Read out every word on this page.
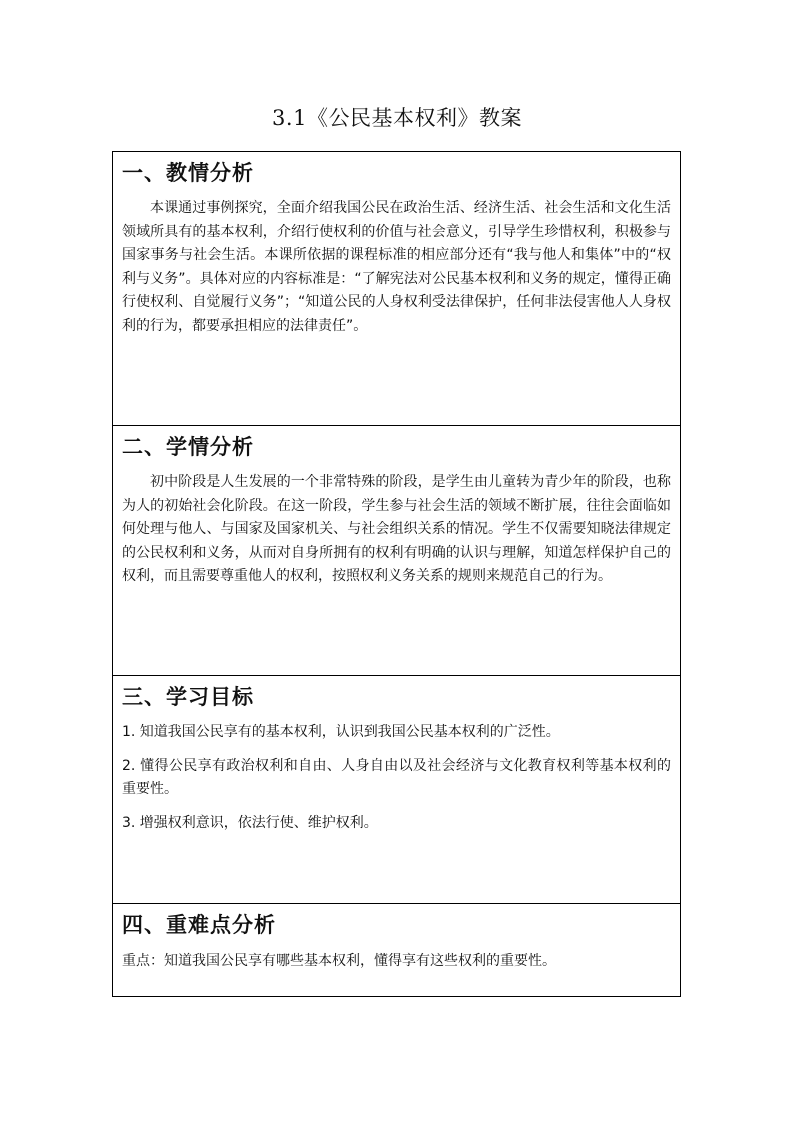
3.1《公民基本权利》教案
一、教情分析

本课通过事例探究，全面介绍我国公民在政治生活、经济生活、社会生活和文化生活领域所具有的基本权利，介绍行使权利的价值与社会意义，引导学生珍惜权利，积极参与国家事务与社会生活。本课所依据的课程标准的相应部分还有“我与他人和集体”中的“权利与义务”。具体对应的内容标准是：“了解宪法对公民基本权利和义务的规定，懂得正确行使权利、自觉履行义务”；“知道公民的人身权利受法律保护，任何非法侵害他人人身权利的行为，都要承担相应的法律责任”。

二、学情分析

初中阶段是人生发展的一个非常特殊的阶段，是学生由儿童转为青少年的阶段，也称为人的初始社会化阶段。在这一阶段，学生参与社会生活的领域不断扩展，往往会面临如何处理与他人、与国家及国家机关、与社会组织关系的情况。学生不仅需要知晓法律规定的公民权利和义务，从而对自身所拥有的权利有明确的认识与理解，知道怎样保护自己的权利，而且需要尊重他人的权利，按照权利义务关系的规则来规范自己的行为。

三、学习目标

1. 知道我国公民享有的基本权利，认识到我国公民基本权利的广泛性。

2. 懂得公民享有政治权利和自由、人身自由以及社会经济与文化教育权利等基本权利的重要性。

3. 增强权利意识，依法行使、维护权利。

四、重难点分析

重点：知道我国公民享有哪些基本权利，懂得享有这些权利的重要性。
